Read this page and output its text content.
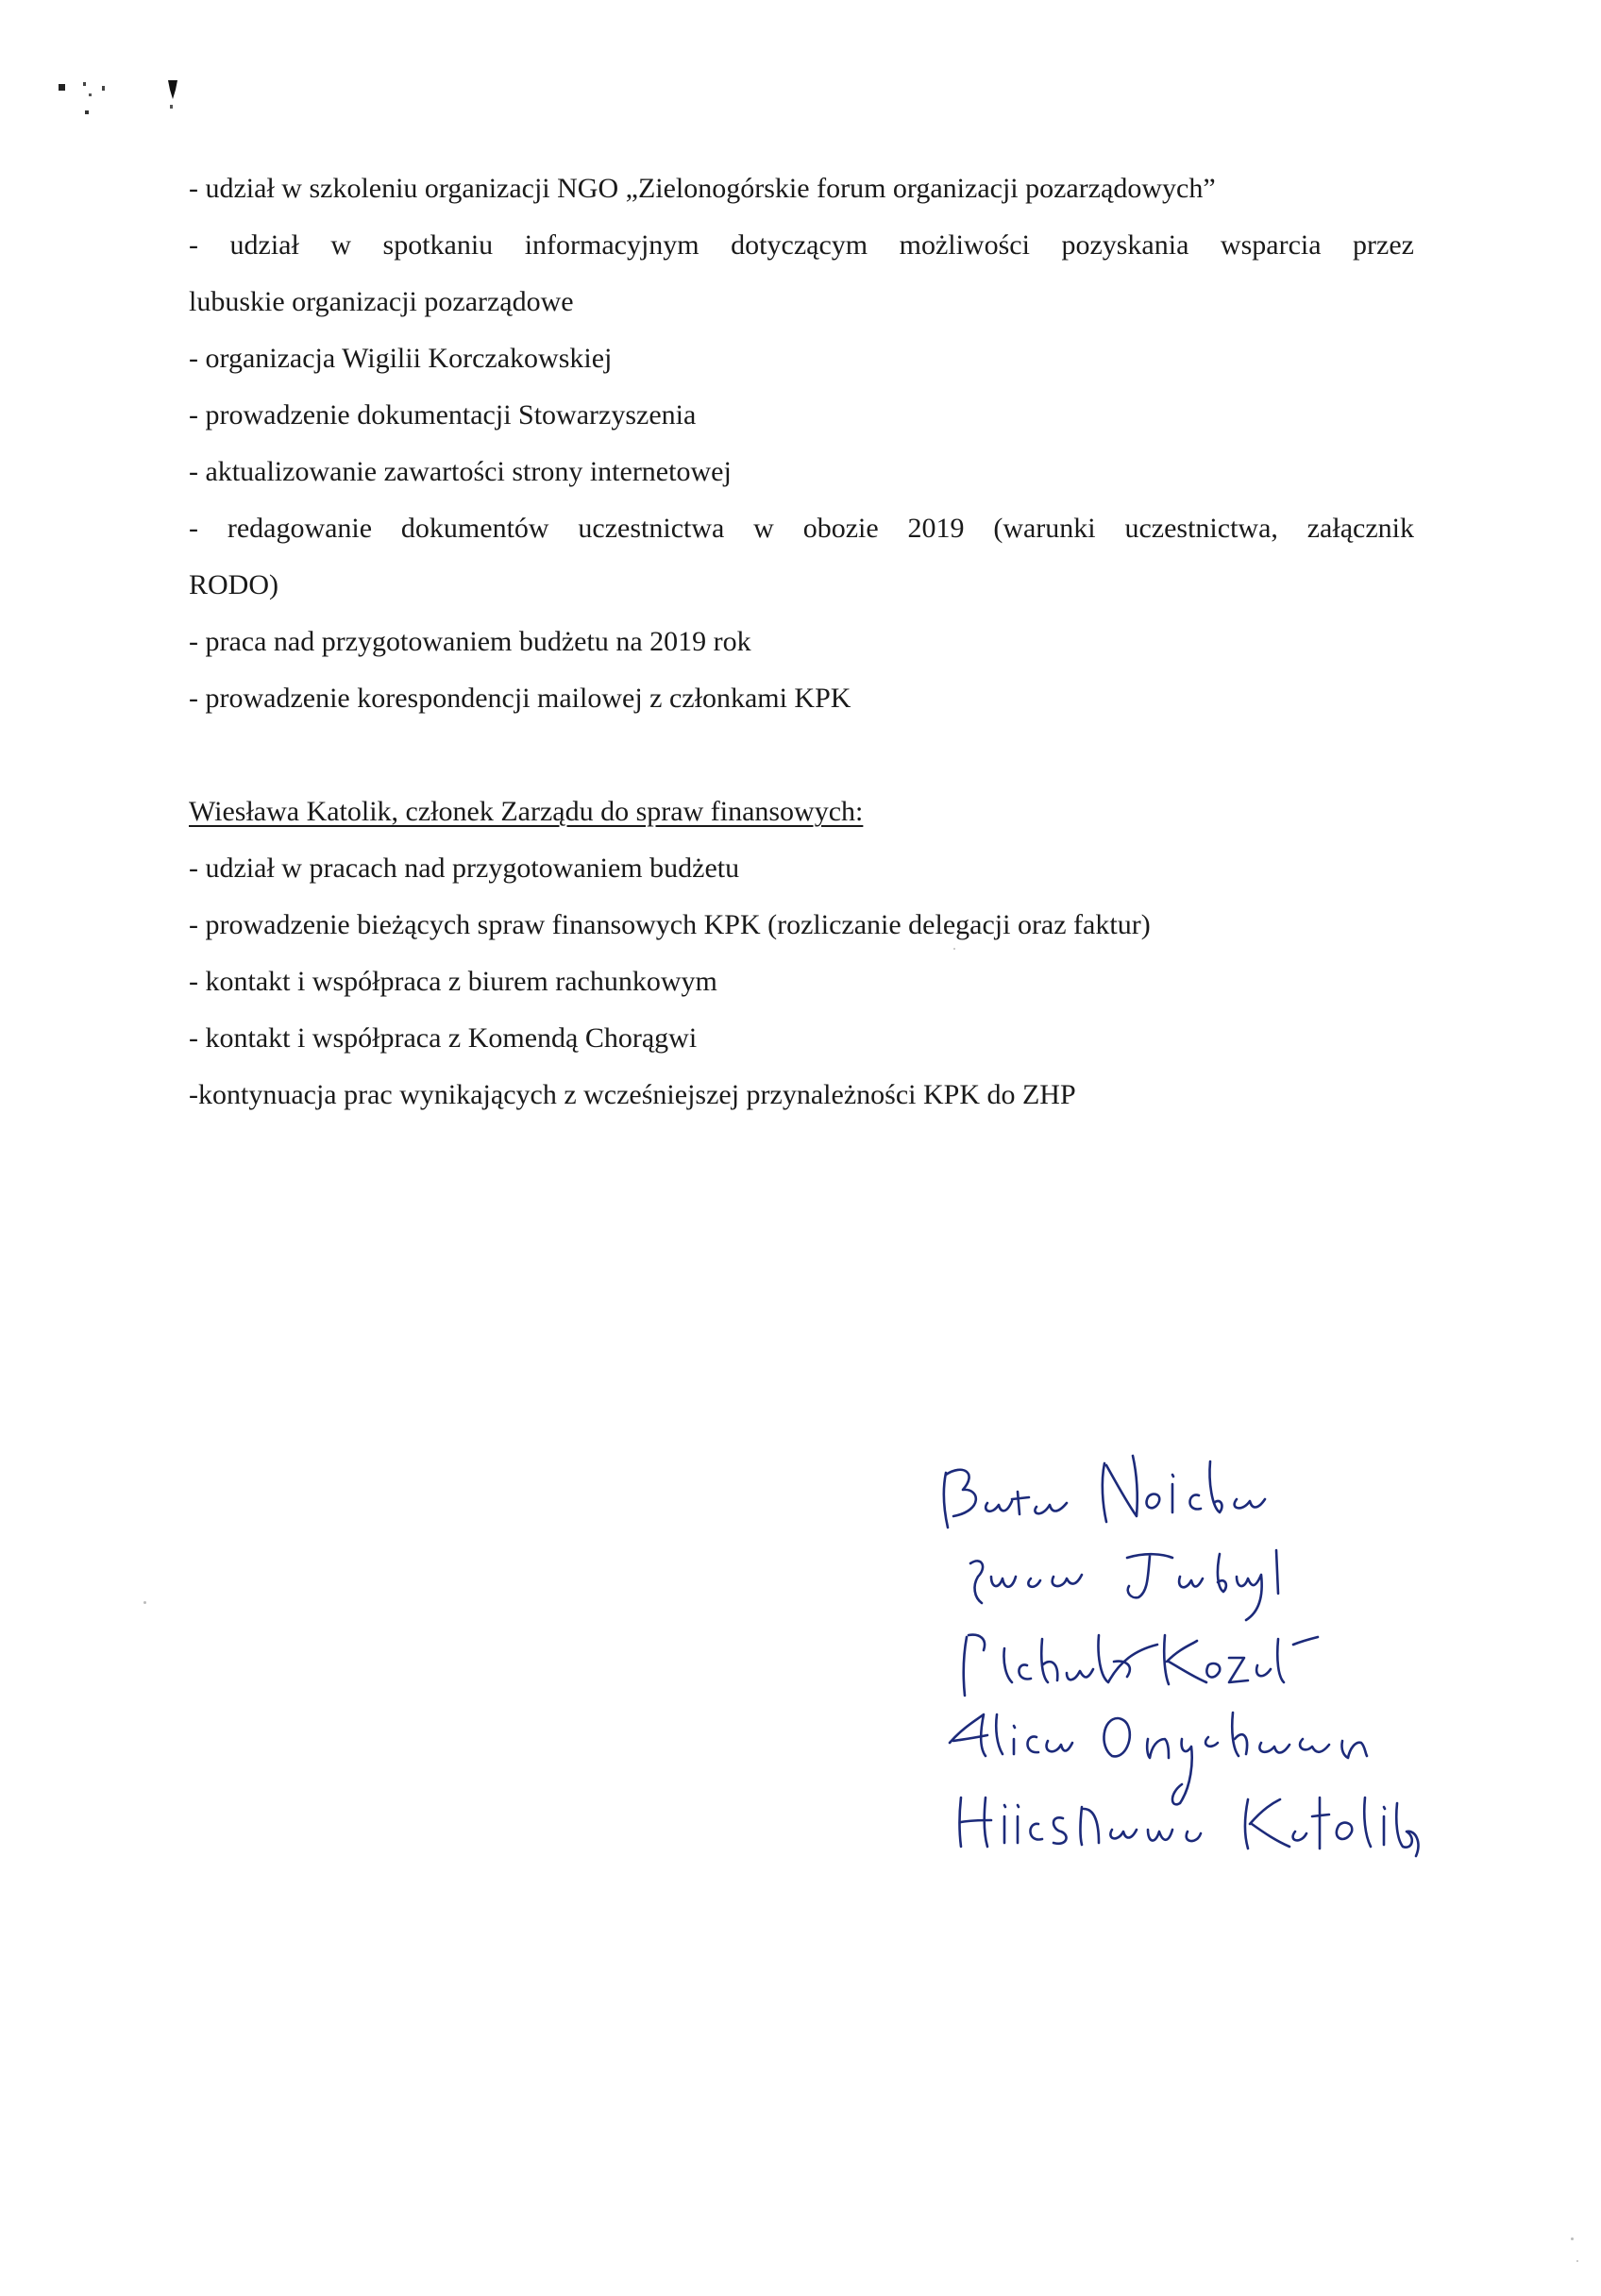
- udział w szkoleniu organizacji NGO „Zielonogórskie forum organizacji pozarządowych”
- udział w spotkaniu informacyjnym dotyczącym możliwości pozyskania wsparcia przez
lubuskie organizacji pozarządowe
- organizacja Wigilii Korczakowskiej
- prowadzenie dokumentacji Stowarzyszenia
- aktualizowanie zawartości strony internetowej
- redagowanie dokumentów uczestnictwa w obozie 2019 (warunki uczestnictwa, załącznik
RODO)
- praca nad przygotowaniem budżetu na 2019 rok
- prowadzenie korespondencji mailowej z członkami KPK
Wiesława Katolik, członek Zarządu do spraw finansowych:
- udział w pracach nad przygotowaniem budżetu
- prowadzenie bieżących spraw finansowych KPK (rozliczanie delegacji oraz faktur)
- kontakt i współpraca z biurem rachunkowym
- kontakt i współpraca z Komendą Chorągwi
-kontynuacja prac wynikających z wcześniejszej przynależności KPK do ZHP
